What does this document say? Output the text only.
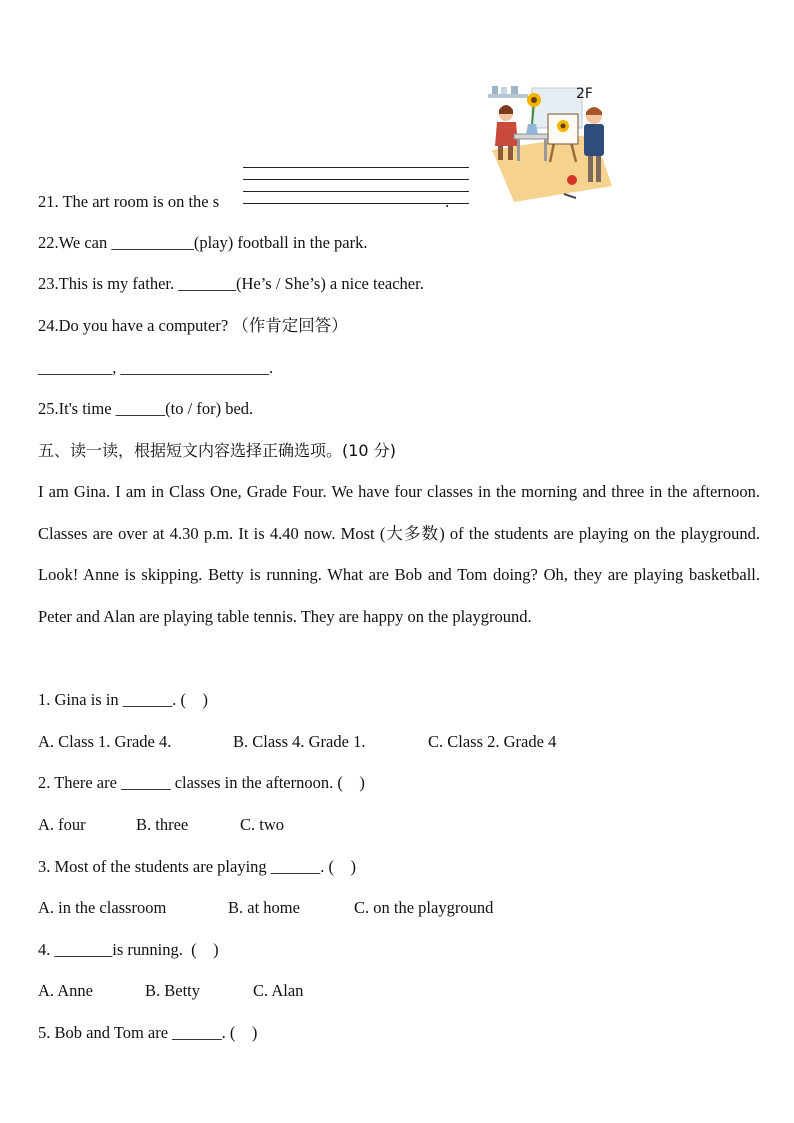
2F
21. The art room is on the s	.
22.We can __________(play) football in the park.
23.This is my father. _______(He’s / She’s) a nice teacher.
24.Do you have a computer? （作肯定回答）
_________, __________________.
25.It's time ______(to / for) bed.
五、读一读，根据短文内容选择正确选项。(10 分)
I am Gina. I am in Class One, Grade Four. We have four classes in the morning and three in the afternoon. Classes are over at 4.30 p.m. It is 4.40 now. Most (大多数) of the students are playing on the playground. Look! Anne is skipping. Betty is running. What are Bob and Tom doing? Oh, they are playing basketball. Peter and Alan are playing table tennis. They are happy on the playground.
1. Gina is in ______. (    )
A. Class 1. Grade 4.	B. Class 4. Grade 1.	C. Class 2. Grade 4
2. There are ______ classes in the afternoon. (    )
A. four	B. three	C. two
3. Most of the students are playing ______. (    )
A. in the classroom	B. at home	C. on the playground
4. _______is running.  (    )
A. Anne	B. Betty	C. Alan
5. Bob and Tom are ______. (    )
